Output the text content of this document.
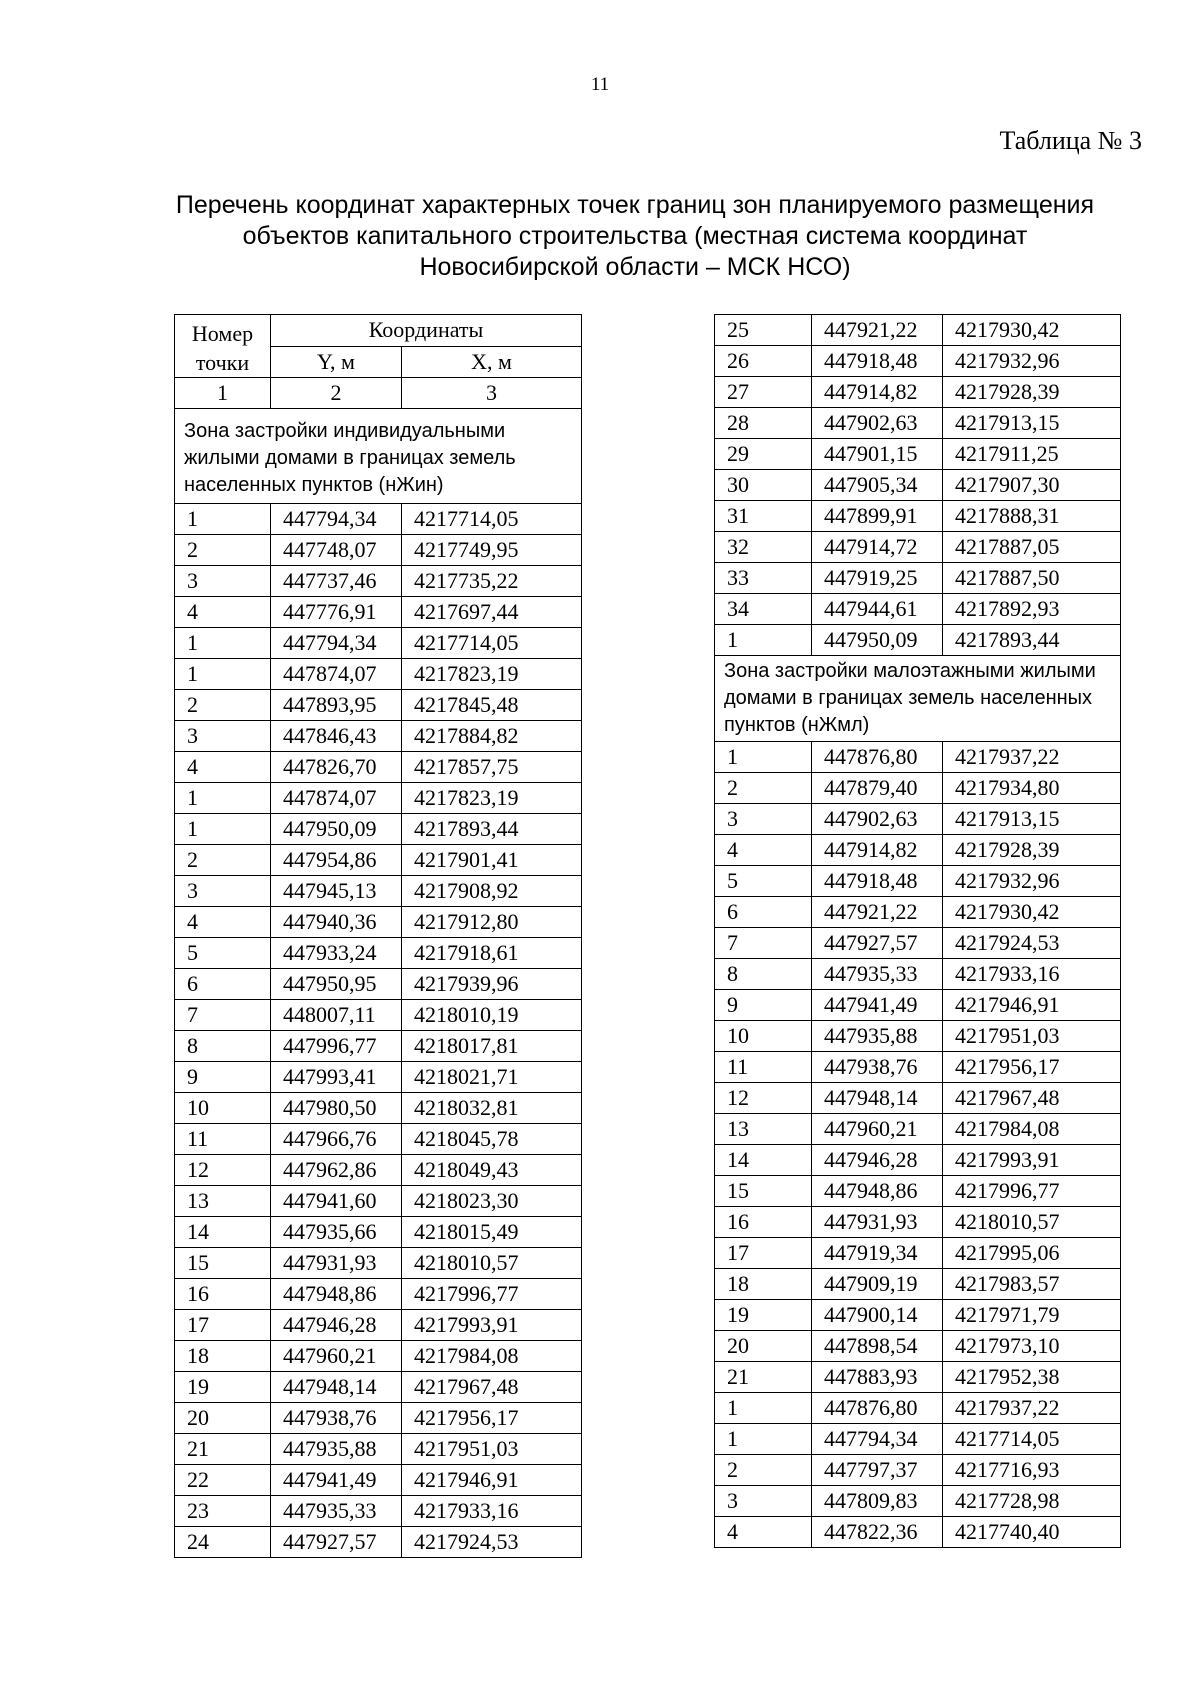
11
Таблица № 3
Перечень координат характерных точек границ зон планируемого размещения
объектов капитального строительства (местная система координат
Новосибирской области – МСК НСО)
Номер точки	Координаты	
	Y, м	X, м
1	2	3
Зона застройки индивидуальными жилыми домами в границах земель населенных пунктов (нЖин)		
1	447794,34	4217714,05
2	447748,07	4217749,95
3	447737,46	4217735,22
4	447776,91	4217697,44
1	447794,34	4217714,05
1	447874,07	4217823,19
2	447893,95	4217845,48
3	447846,43	4217884,82
4	447826,70	4217857,75
1	447874,07	4217823,19
1	447950,09	4217893,44
2	447954,86	4217901,41
3	447945,13	4217908,92
4	447940,36	4217912,80
5	447933,24	4217918,61
6	447950,95	4217939,96
7	448007,11	4218010,19
8	447996,77	4218017,81
9	447993,41	4218021,71
10	447980,50	4218032,81
11	447966,76	4218045,78
12	447962,86	4218049,43
13	447941,60	4218023,30
14	447935,66	4218015,49
15	447931,93	4218010,57
16	447948,86	4217996,77
17	447946,28	4217993,91
18	447960,21	4217984,08
19	447948,14	4217967,48
20	447938,76	4217956,17
21	447935,88	4217951,03
22	447941,49	4217946,91
23	447935,33	4217933,16
24	447927,57	4217924,53
25	447921,22	4217930,42
26	447918,48	4217932,96
27	447914,82	4217928,39
28	447902,63	4217913,15
29	447901,15	4217911,25
30	447905,34	4217907,30
31	447899,91	4217888,31
32	447914,72	4217887,05
33	447919,25	4217887,50
34	447944,61	4217892,93
1	447950,09	4217893,44
Зона застройки малоэтажными жилыми домами в границах земель населенных пунктов (нЖмл)		
1	447876,80	4217937,22
2	447879,40	4217934,80
3	447902,63	4217913,15
4	447914,82	4217928,39
5	447918,48	4217932,96
6	447921,22	4217930,42
7	447927,57	4217924,53
8	447935,33	4217933,16
9	447941,49	4217946,91
10	447935,88	4217951,03
11	447938,76	4217956,17
12	447948,14	4217967,48
13	447960,21	4217984,08
14	447946,28	4217993,91
15	447948,86	4217996,77
16	447931,93	4218010,57
17	447919,34	4217995,06
18	447909,19	4217983,57
19	447900,14	4217971,79
20	447898,54	4217973,10
21	447883,93	4217952,38
1	447876,80	4217937,22
1	447794,34	4217714,05
2	447797,37	4217716,93
3	447809,83	4217728,98
4	447822,36	4217740,40
